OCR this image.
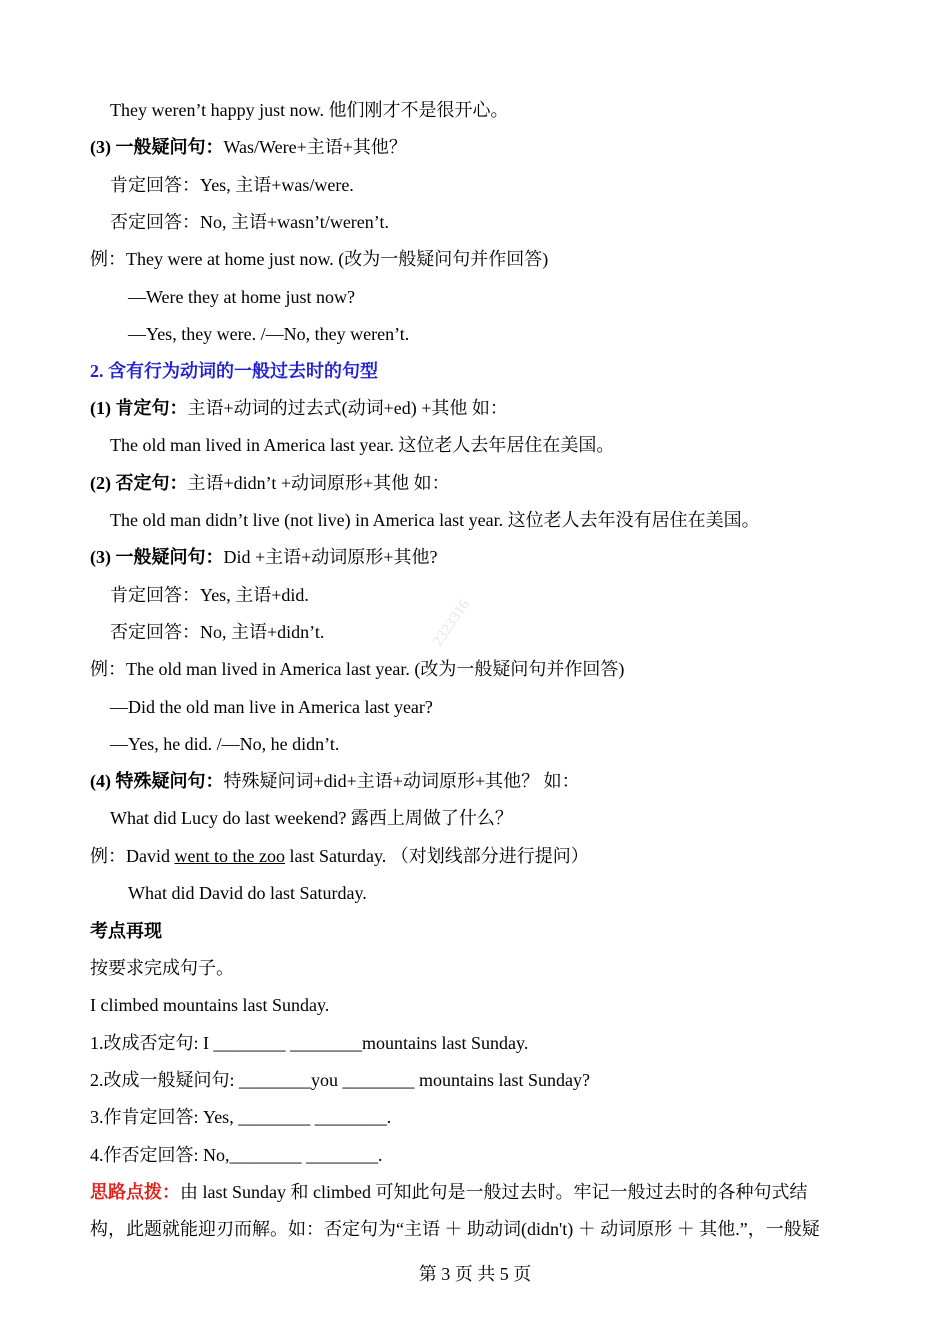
2323316
They weren’t happy just now. 他们刚才不是很开心。
(3) 一般疑问句：Was/Were+主语+其他？
肯定回答：Yes, 主语+was/were.
否定回答：No, 主语+wasn’t/weren’t.
例：They were at home just now. (改为一般疑问句并作回答)
—Were they at home just now?
—Yes, they were. /—No, they weren’t.
2. 含有行为动词的一般过去时的句型
(1) 肯定句：主语+动词的过去式(动词+ed) +其他 如：
The old man lived in America last year. 这位老人去年居住在美国。
(2) 否定句：主语+didn’t +动词原形+其他 如：
The old man didn’t live (not live) in America last year. 这位老人去年没有居住在美国。
(3) 一般疑问句：Did +主语+动词原形+其他?
肯定回答：Yes, 主语+did.
否定回答：No, 主语+didn’t.
例：The old man lived in America last year. (改为一般疑问句并作回答)
—Did the old man live in America last year?
—Yes, he did. /—No, he didn’t.
(4) 特殊疑问句：特殊疑问词+did+主语+动词原形+其他？ 如：
What did Lucy do last weekend? 露西上周做了什么？
例：David went to the zoo last Saturday. （对划线部分进行提问）
What did David do last Saturday.
考点再现
按要求完成句子。
I climbed mountains last Sunday.
1.改成否定句: I ________ ________mountains last Sunday.
2.改成一般疑问句: ________you ________ mountains last Sunday?
3.作肯定回答: Yes, ________ ________.
4.作否定回答: No,________ ________.
思路点拨：由 last Sunday 和 climbed 可知此句是一般过去时。牢记一般过去时的各种句式结
构，此题就能迎刃而解。如：否定句为“主语 ＋ 助动词(didn't) ＋ 动词原形 ＋ 其他.”，一般疑
第 3 页 共 5 页
